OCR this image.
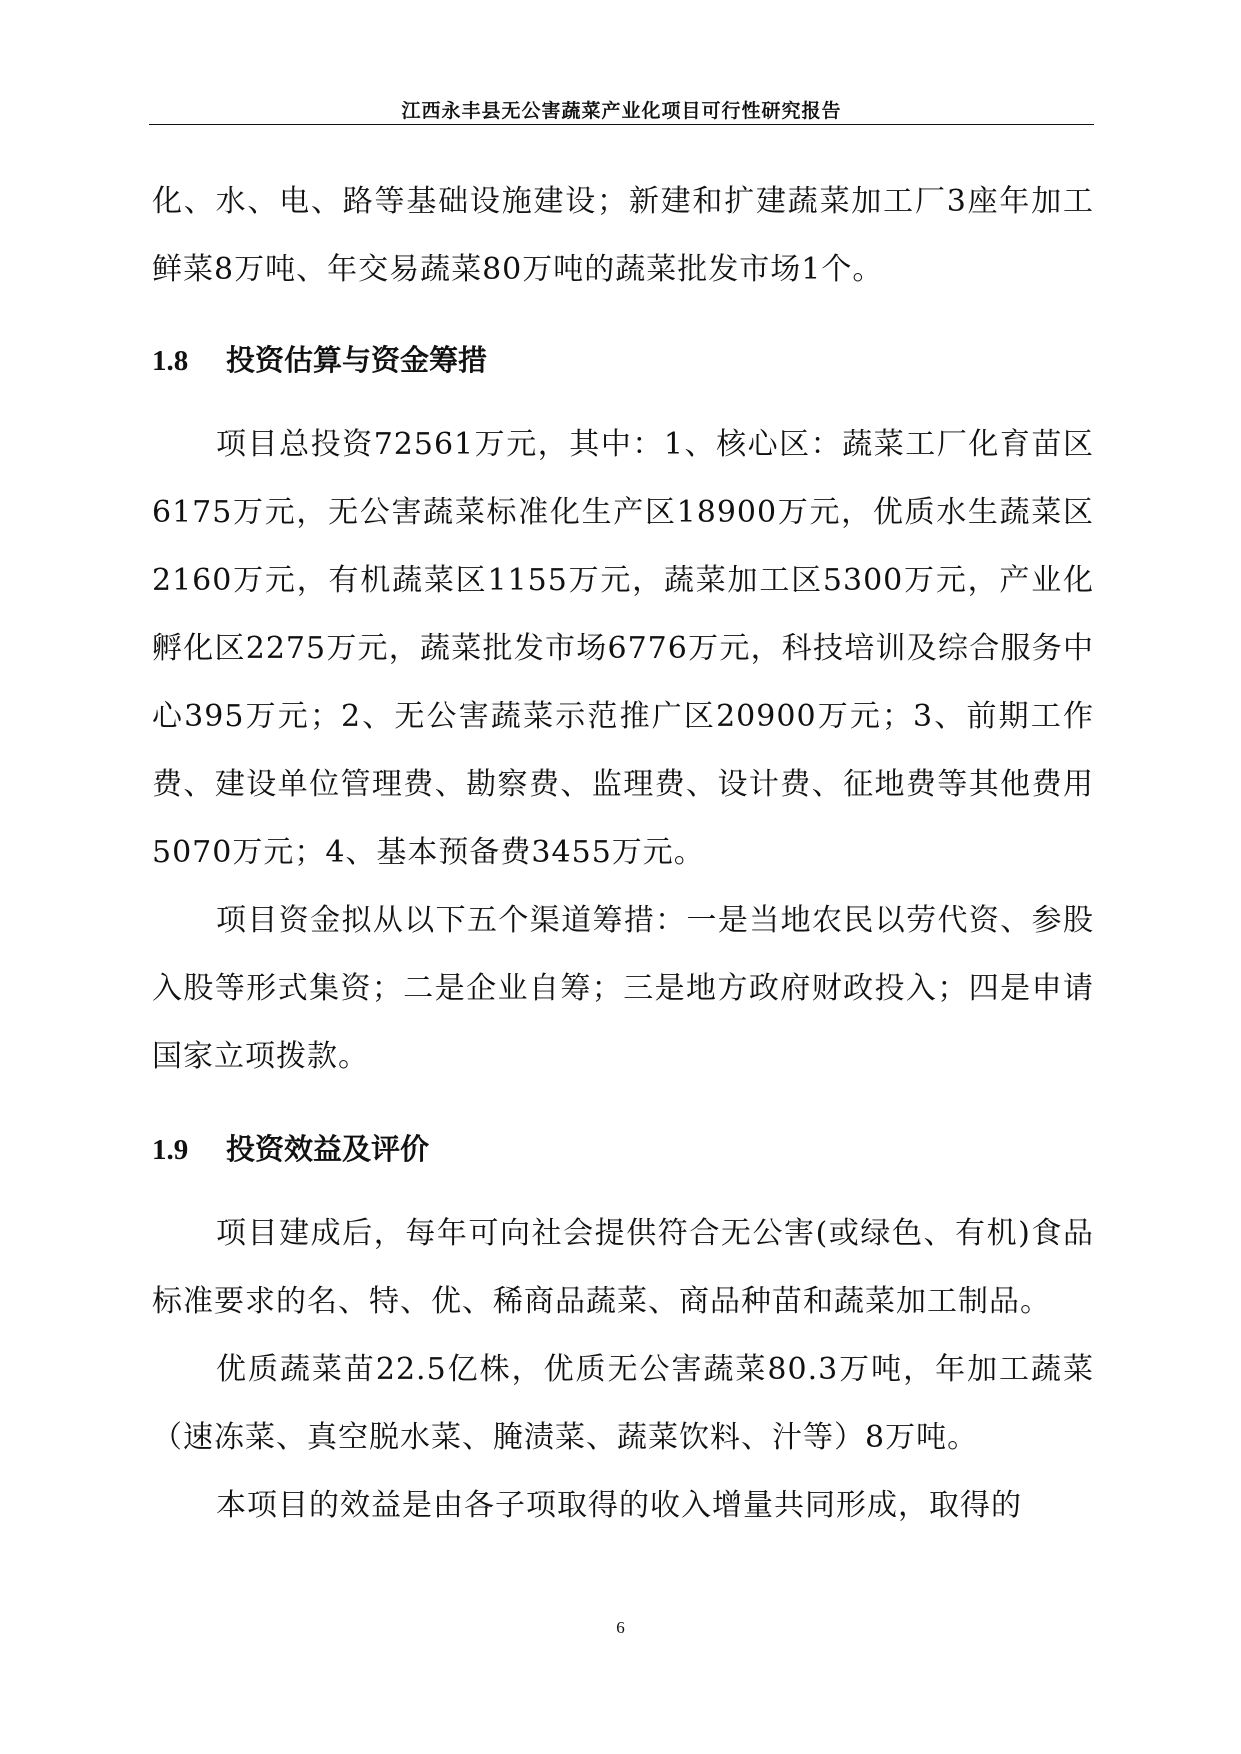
江西永丰县无公害蔬菜产业化项目可行性研究报告

化、水、电、路等基础设施建设；新建和扩建蔬菜加工厂3座年加工鲜菜8万吨、年交易蔬菜80万吨的蔬菜批发市场1个。

1.8 投资估算与资金筹措

项目总投资72561万元，其中：1、核心区：蔬菜工厂化育苗区6175万元，无公害蔬菜标准化生产区18900万元，优质水生蔬菜区2160万元，有机蔬菜区1155万元，蔬菜加工区5300万元，产业化孵化区2275万元，蔬菜批发市场6776万元，科技培训及综合服务中心395万元；2、无公害蔬菜示范推广区20900万元；3、前期工作费、建设单位管理费、勘察费、监理费、设计费、征地费等其他费用5070万元；4、基本预备费3455万元。

项目资金拟从以下五个渠道筹措：一是当地农民以劳代资、参股入股等形式集资；二是企业自筹；三是地方政府财政投入；四是申请国家立项拨款。

1.9 投资效益及评价

项目建成后，每年可向社会提供符合无公害(或绿色、有机)食品标准要求的名、特、优、稀商品蔬菜、商品种苗和蔬菜加工制品。

优质蔬菜苗22.5亿株，优质无公害蔬菜80.3万吨，年加工蔬菜（速冻菜、真空脱水菜、腌渍菜、蔬菜饮料、汁等）8万吨。

本项目的效益是由各子项取得的收入增量共同形成，取得的

6
